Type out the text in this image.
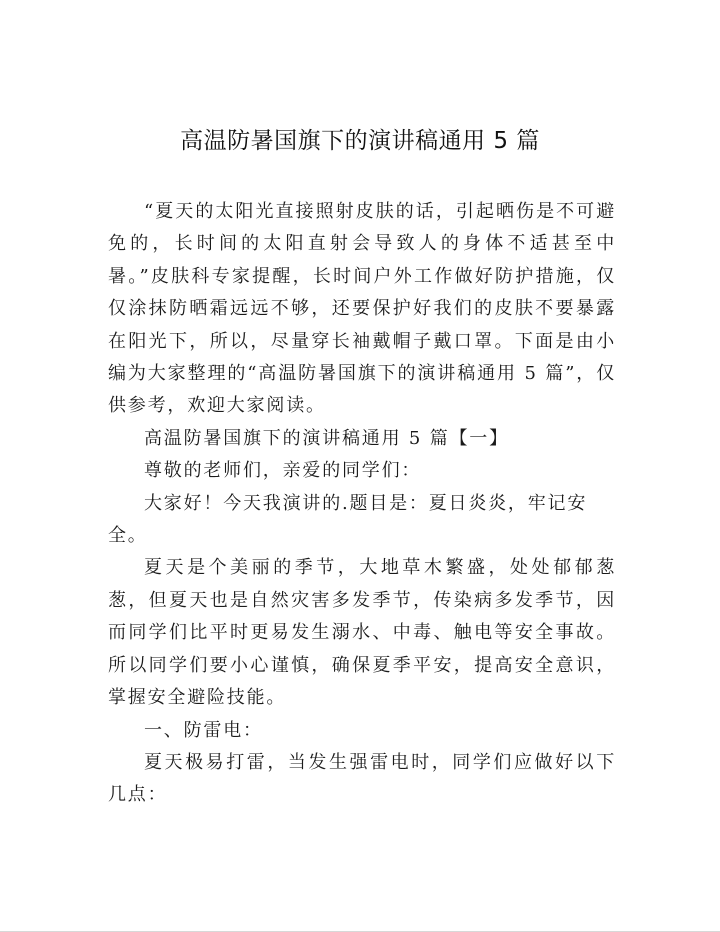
高温防暑国旗下的演讲稿通用 5 篇

“夏天的太阳光直接照射皮肤的话，引起晒伤是不可避免的，长时间的太阳直射会导致人的身体不适甚至中暑。”皮肤科专家提醒，长时间户外工作做好防护措施，仅仅涂抹防晒霜远远不够，还要保护好我们的皮肤不要暴露在阳光下，所以，尽量穿长袖戴帽子戴口罩。下面是由小编为大家整理的“高温防暑国旗下的演讲稿通用 5 篇”，仅供参考，欢迎大家阅读。

高温防暑国旗下的演讲稿通用 5 篇【一】

尊敬的老师们，亲爱的同学们：

大家好！今天我演讲的.题目是：夏日炎炎，牢记安全。

夏天是个美丽的季节，大地草木繁盛，处处郁郁葱葱，但夏天也是自然灾害多发季节，传染病多发季节，因而同学们比平时更易发生溺水、中毒、触电等安全事故。所以同学们要小心谨慎，确保夏季平安，提高安全意识，掌握安全避险技能。

一、防雷电：

夏天极易打雷，当发生强雷电时，同学们应做好以下几点：
